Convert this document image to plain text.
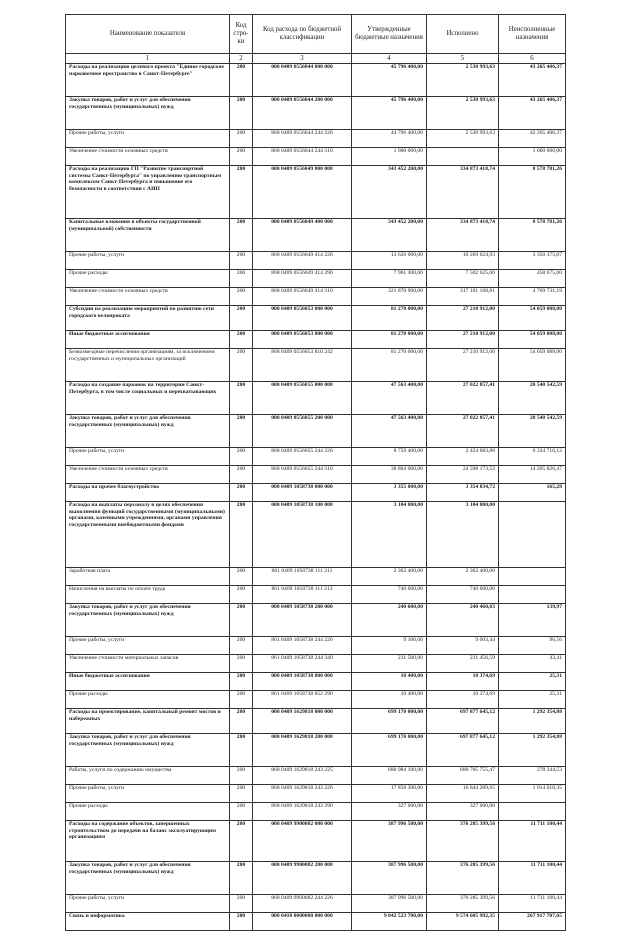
Наименование показателя	Код стро-ки	Код расхода по бюджетной классификации	Утвержденные бюджетные назначения	Исполнено	Неисполненные назначения
1	2	3	4	5	6
Расходы на реализацию целевого проекта "Единое городское парковочное пространство в Санкт-Петербурге"	200	000 0409 0556044 000 000	45 796 400,00	2 530 993,63	43 265 406,37
Закупка товаров, работ и услуг для обеспечения государственных (муниципальных) нужд	200	000 0409 0556044 200 000	45 796 400,00	2 530 993,63	43 265 406,37
Прочие работы, услуги	200	868 0409 0556044 244 226	44 796 400,00	2 530 993,63	42 265 406,37
Увеличение стоимости основных средств	200	868 0409 0556044 244 310	1 000 000,00		1 000 000,00
Расходы на реализацию ГП "Развитие транспортной системы Санкт-Петербурга" по управлению транспортным комплексом Санкт-Петербурга и повышение его безопасности в соответствии с АИП	200	000 0409 0556049 000 000	343 452 200,00	334 873 418,74	8 578 781,26
Капитальные вложения в объекты государственной (муниципальной) собственности	200	000 0409 0556049 400 000	343 452 200,00	334 873 418,74	8 578 781,26
Прочие работы, услуги	200	868 0409 0556049 414 226	13 620 000,00	10 269 624,93	3 350 375,07
Прочие расходы	200	868 0409 0556049 414 290	7 961 300,00	7 502 625,00	458 675,00
Увеличение стоимости основных средств	200	868 0409 0556049 414 310	321 870 900,00	317 101 168,81	4 769 731,19
Субсидии на реализацию мероприятий по развитию сети городского велопроката	200	000 0409 0556053 000 000	81 270 000,00	27 210 912,00	54 059 088,00
Иные бюджетные ассигнования	200	000 0409 0556053 800 000	81 270 000,00	27 210 912,00	54 059 088,00
Безвозмездные перечисления организациям, за исключением государственных и муниципальных организаций	200	868 0409 0556053 810 242	81 270 000,00	27 210 912,00	54 059 088,00
Расходы на создание парковок на территории Санкт-Петербурга, в том числе социальных и перехватывающих	200	000 0409 0556055 000 000	47 563 400,00	27 022 857,41	20 540 542,59
Закупка товаров, работ и услуг для обеспечения государственных (муниципальных) нужд	200	000 0409 0556055 200 000	47 563 400,00	27 022 857,41	20 540 542,59
Прочие работы, услуги	200	868 0409 0556055 244 226	8 759 400,00	2 424 683,88	6 334 716,12
Увеличение стоимости основных средств	200	868 0409 0556055 244 310	38 804 000,00	24 598 173,53	14 205 826,47
Расходы на прочее благоустройство	200	000 0409 1058738 000 000	3 355 000,00	3 354 834,72	165,28
Расходы на выплаты персоналу в целях обеспечения выполнения функций государственными (муниципальными) органами, казенными учреждениями, органами управления государственными внебюджетными фондами	200	000 0409 1058738 100 000	3 104 000,00	3 104 000,00	
Заработная плата	200	861 0409 1058738 111 211	2 363 400,00	2 363 400,00	
Начисления на выплаты по оплате труда	200	861 0409 1058738 111 213	740 600,00	740 600,00	
Закупка товаров, работ и услуг для обеспечения государственных (муниципальных) нужд	200	000 0409 1058738 200 000	240 600,00	240 460,03	139,97
Прочие работы, услуги	200	861 0409 1058738 244 226	9 100,00	9 003,44	96,56
Увеличение стоимости материальных запасов	200	861 0409 1058738 244 340	231 500,00	231 456,59	43,41
Иные бюджетные ассигнования	200	000 0409 1058738 800 000	10 400,00	10 374,69	25,31
Прочие расходы	200	861 0409 1058738 852 290	10 400,00	10 374,69	25,31
Расходы на проектирование, капитальный ремонт мостов и набережных	200	000 0409 1629818 000 000	699 170 000,00	697 877 645,12	1 292 354,88
Закупка товаров, работ и услуг для обеспечения государственных (муниципальных) нужд	200	000 0409 1629818 200 000	699 170 000,00	697 877 645,12	1 292 354,88
Работы, услуги по содержанию имущества	200	868 0409 1629818 243 225	680 984 100,00	680 705 755,47	278 344,53
Прочие работы, услуги	200	868 0409 1629818 243 226	17 858 300,00	16 844 289,65	1 014 010,35
Прочие расходы	200	868 0409 1629818 243 290	327 600,00	327 600,00	
Расходы на содержание объектов, завершенных строительством до передачи на баланс эксплуатирующим организациям	200	000 0409 9900082 000 000	387 996 500,00	376 285 399,56	11 711 100,44
Закупка товаров, работ и услуг для обеспечения государственных (муниципальных) нужд	200	000 0409 9900082 200 000	387 996 500,00	376 285 399,56	11 711 100,44
Прочие работы, услуги	200	868 0409 9900082 244 226	387 996 500,00	376 285 399,56	11 711 100,44
Связь и информатика	200	000 0410 0000000 000 000	9 842 523 700,00	9 574 605 992,35	267 917 707,65
